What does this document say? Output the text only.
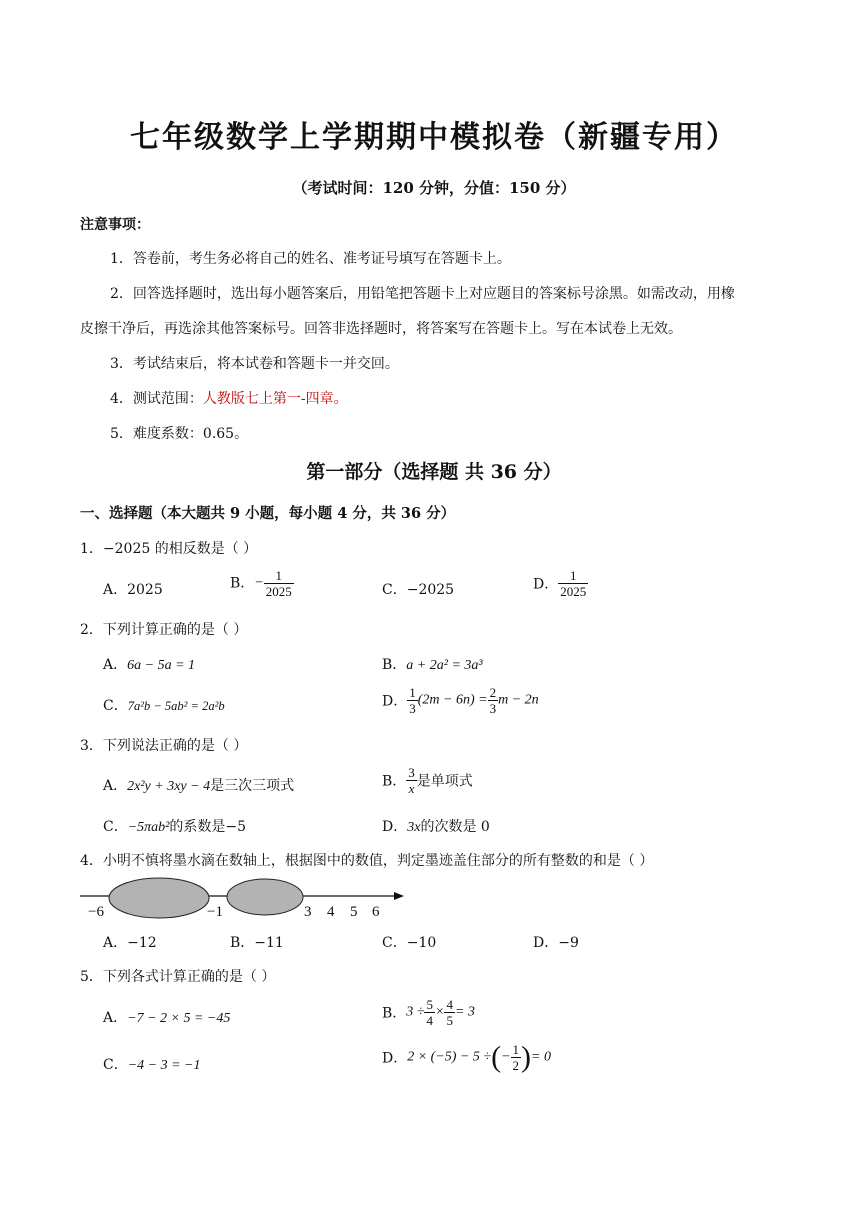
七年级数学上学期期中模拟卷（新疆专用）
（考试时间：120 分钟，分值：150 分）
注意事项：
1．答卷前，考生务必将自己的姓名、准考证号填写在答题卡上。
2．回答选择题时，选出每小题答案后，用铅笔把答题卡上对应题目的答案标号涂黑。如需改动，用橡
皮擦干净后，再选涂其他答案标号。回答非选择题时，将答案写在答题卡上。写在本试卷上无效。
3．考试结束后，将本试卷和答题卡一并交回。
4．测试范围：人教版七上第一-四章。
5．难度系数：0.65。
第一部分（选择题 共 36 分）
一、选择题（本大题共 9 小题，每小题 4 分，共 36 分）
1．−2025 的相反数是（ ）
A．2025	B．− $\frac{1}{2025}$	C．−2025	D． $\frac{1}{2025}$
2．下列计算正确的是（ ）
A．6a − 5a = 1	B．a + 2a² = 3a³
C．7a²b − 5ab² = 2a²b	D． $\frac{1}{3} (2m - 6n) = \frac{2}{3}$ m − 2n
3．下列说法正确的是（ ）
A．2x²y + 3xy − 4是三次三项式	B． $\frac{3}{x}$ 是单项式
C．−5πab²的系数是−5	D．3x的次数是 0
4．小明不慎将墨水滴在数轴上，根据图中的数值，判定墨迹盖住部分的所有整数的和是（ ）
−6	−1	3 4 5 6
A．−12	B．−11	C．−10	D．−9
5．下列各式计算正确的是（ ）
A．−7 − 2 × 5 = −45	B．$3 \div \frac{5}{4} \times \frac{4}{5} = 3$
C．−4 − 3 = −1	D．2 × (−5) − 5 ÷(− $\frac{1}{2}$ )= 0
